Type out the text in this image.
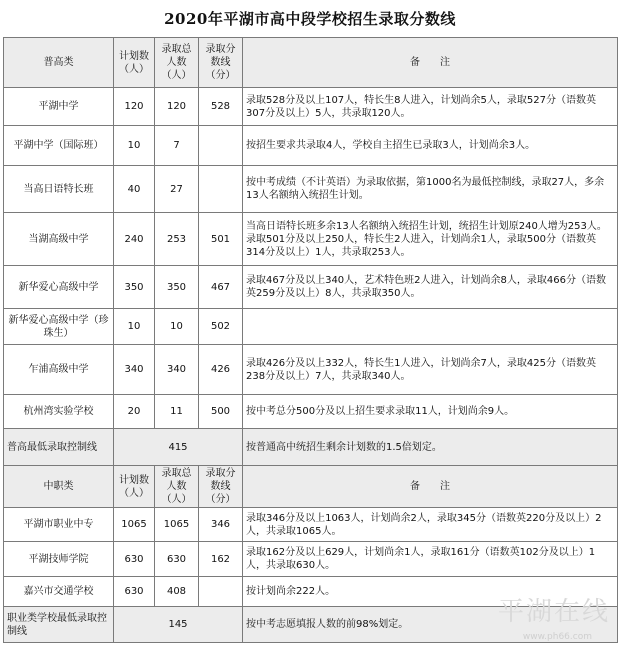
2020年平湖市高中段学校招生录取分数线
普高类	计划数（人）	录取总人数（人）	录取分数线（分）	备　　注
平湖中学	120	120	528	录取528分及以上107人，特长生8人进入，计划尚余5人，录取527分（语数英307分及以上）5人，共录取120人。
平湖中学（国际班）	10	7		按招生要求共录取4人，学校自主招生已录取3人，计划尚余3人。
当高日语特长班	40	27		按中考成绩（不计英语）为录取依据，第1000名为最低控制线，录取27人，多余13人名额纳入统招生计划。
当湖高级中学	240	253	501	当高日语特长班多余13人名额纳入统招生计划，统招生计划原240人增为253人。录取501分及以上250人，特长生2人进入，计划尚余1人，录取500分（语数英314分及以上）1人，共录取253人。
新华爱心高级中学	350	350	467	录取467分及以上340人，艺术特色班2人进入，计划尚余8人，录取466分（语数英259分及以上）8人，共录取350人。
新华爱心高级中学（珍珠生）	10	10	502	
乍浦高级中学	340	340	426	录取426分及以上332人，特长生1人进入，计划尚余7人，录取425分（语数英238分及以上）7人，共录取340人。
杭州湾实验学校	20	11	500	按中考总分500分及以上招生要求录取11人，计划尚余9人。
普高最低录取控制线	415			按普通高中统招生剩余计划数的1.5倍划定。
中职类	计划数（人）	录取总人数（人）	录取分数线（分）	备　　注
平湖市职业中专	1065	1065	346	录取346分及以上1063人，计划尚余2人，录取345分（语数英220分及以上）2人，共录取1065人。
平湖技师学院	630	630	162	录取162分及以上629人，计划尚余1人，录取161分（语数英102分及以上）1人，共录取630人。
嘉兴市交通学校	630	408		按计划尚余222人。
职业类学校最低录取控制线	145			按中考志愿填报人数的前98%划定。	平湖在线
www.ph66.com
